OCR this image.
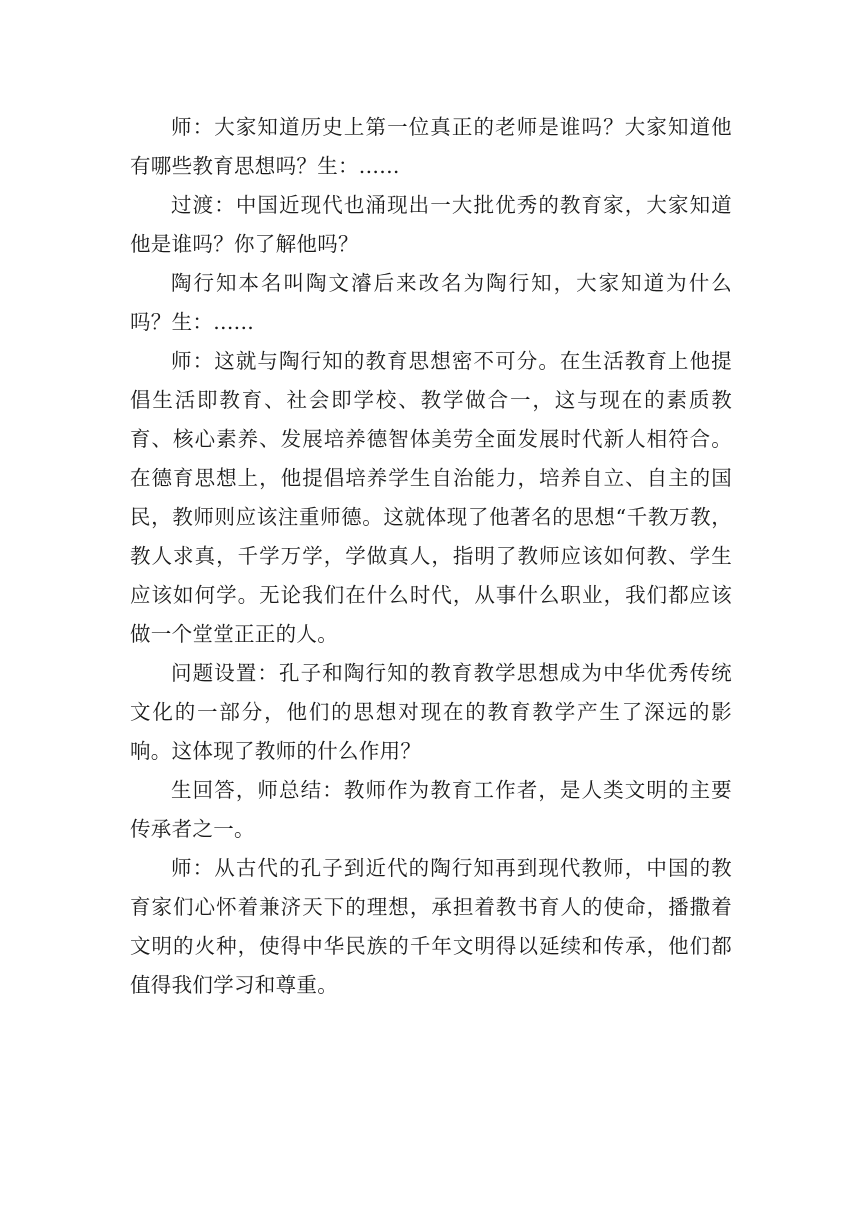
师：大家知道历史上第一位真正的老师是谁吗？大家知道他有哪些教育思想吗？生：......

过渡：中国近现代也涌现出一大批优秀的教育家，大家知道他是谁吗？你了解他吗？

陶行知本名叫陶文濬后来改名为陶行知，大家知道为什么吗？生：......

师：这就与陶行知的教育思想密不可分。在生活教育上他提倡生活即教育、社会即学校、教学做合一，这与现在的素质教育、核心素养、发展培养德智体美劳全面发展时代新人相符合。在德育思想上，他提倡培养学生自治能力，培养自立、自主的国民，教师则应该注重师德。这就体现了他著名的思想“千教万教，教人求真，千学万学，学做真人，指明了教师应该如何教、学生应该如何学。无论我们在什么时代，从事什么职业，我们都应该做一个堂堂正正的人。

问题设置：孔子和陶行知的教育教学思想成为中华优秀传统文化的一部分，他们的思想对现在的教育教学产生了深远的影响。这体现了教师的什么作用？

生回答，师总结：教师作为教育工作者，是人类文明的主要传承者之一。

师：从古代的孔子到近代的陶行知再到现代教师，中国的教育家们心怀着兼济天下的理想，承担着教书育人的使命，播撒着文明的火种，使得中华民族的千年文明得以延续和传承，他们都值得我们学习和尊重。
